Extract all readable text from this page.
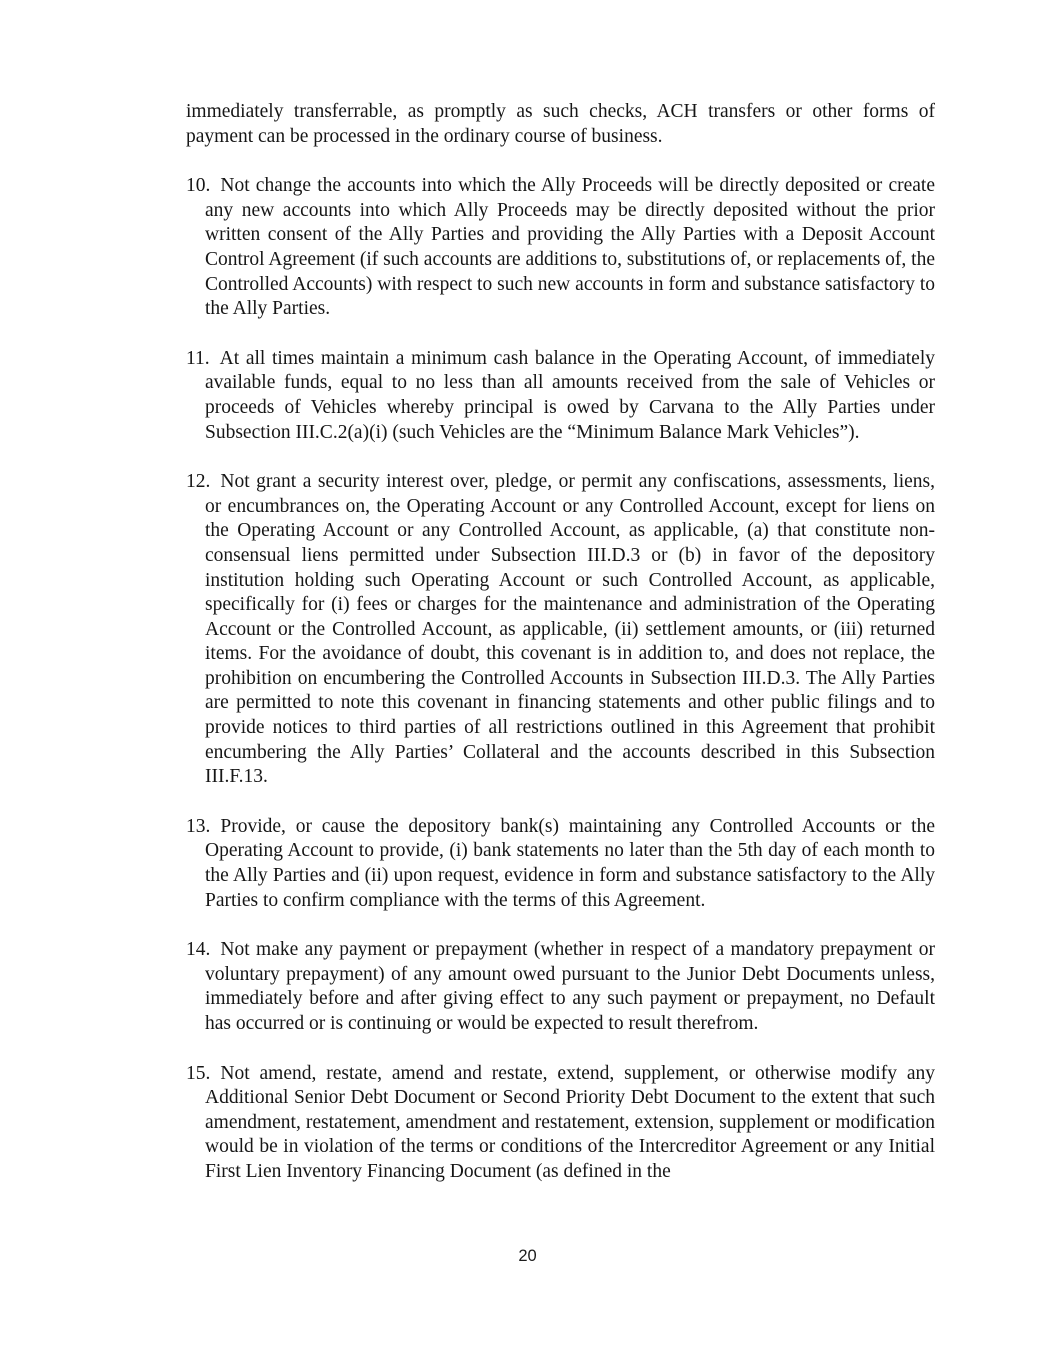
immediately transferrable, as promptly as such checks, ACH transfers or other forms of payment can be processed in the ordinary course of business.

10. Not change the accounts into which the Ally Proceeds will be directly deposited or create any new accounts into which Ally Proceeds may be directly deposited without the prior written consent of the Ally Parties and providing the Ally Parties with a Deposit Account Control Agreement (if such accounts are additions to, substitutions of, or replacements of, the Controlled Accounts) with respect to such new accounts in form and substance satisfactory to the Ally Parties.
11. At all times maintain a minimum cash balance in the Operating Account, of immediately available funds, equal to no less than all amounts received from the sale of Vehicles or proceeds of Vehicles whereby principal is owed by Carvana to the Ally Parties under Subsection III.C.2(a)(i) (such Vehicles are the “Minimum Balance Mark Vehicles”).
12. Not grant a security interest over, pledge, or permit any confiscations, assessments, liens, or encumbrances on, the Operating Account or any Controlled Account, except for liens on the Operating Account or any Controlled Account, as applicable, (a) that constitute non-consensual liens permitted under Subsection III.D.3 or (b) in favor of the depository institution holding such Operating Account or such Controlled Account, as applicable, specifically for (i) fees or charges for the maintenance and administration of the Operating Account or the Controlled Account, as applicable, (ii) settlement amounts, or (iii) returned items. For the avoidance of doubt, this covenant is in addition to, and does not replace, the prohibition on encumbering the Controlled Accounts in Subsection III.D.3. The Ally Parties are permitted to note this covenant in financing statements and other public filings and to provide notices to third parties of all restrictions outlined in this Agreement that prohibit encumbering the Ally Parties’ Collateral and the accounts described in this Subsection III.F.13.
13. Provide, or cause the depository bank(s) maintaining any Controlled Accounts or the Operating Account to provide, (i) bank statements no later than the 5th day of each month to the Ally Parties and (ii) upon request, evidence in form and substance satisfactory to the Ally Parties to confirm compliance with the terms of this Agreement.
14. Not make any payment or prepayment (whether in respect of a mandatory prepayment or voluntary prepayment) of any amount owed pursuant to the Junior Debt Documents unless, immediately before and after giving effect to any such payment or prepayment, no Default has occurred or is continuing or would be expected to result therefrom.
15. Not amend, restate, amend and restate, extend, supplement, or otherwise modify any Additional Senior Debt Document or Second Priority Debt Document to the extent that such amendment, restatement, amendment and restatement, extension, supplement or modification would be in violation of the terms or conditions of the Intercreditor Agreement or any Initial First Lien Inventory Financing Document (as defined in the
20
